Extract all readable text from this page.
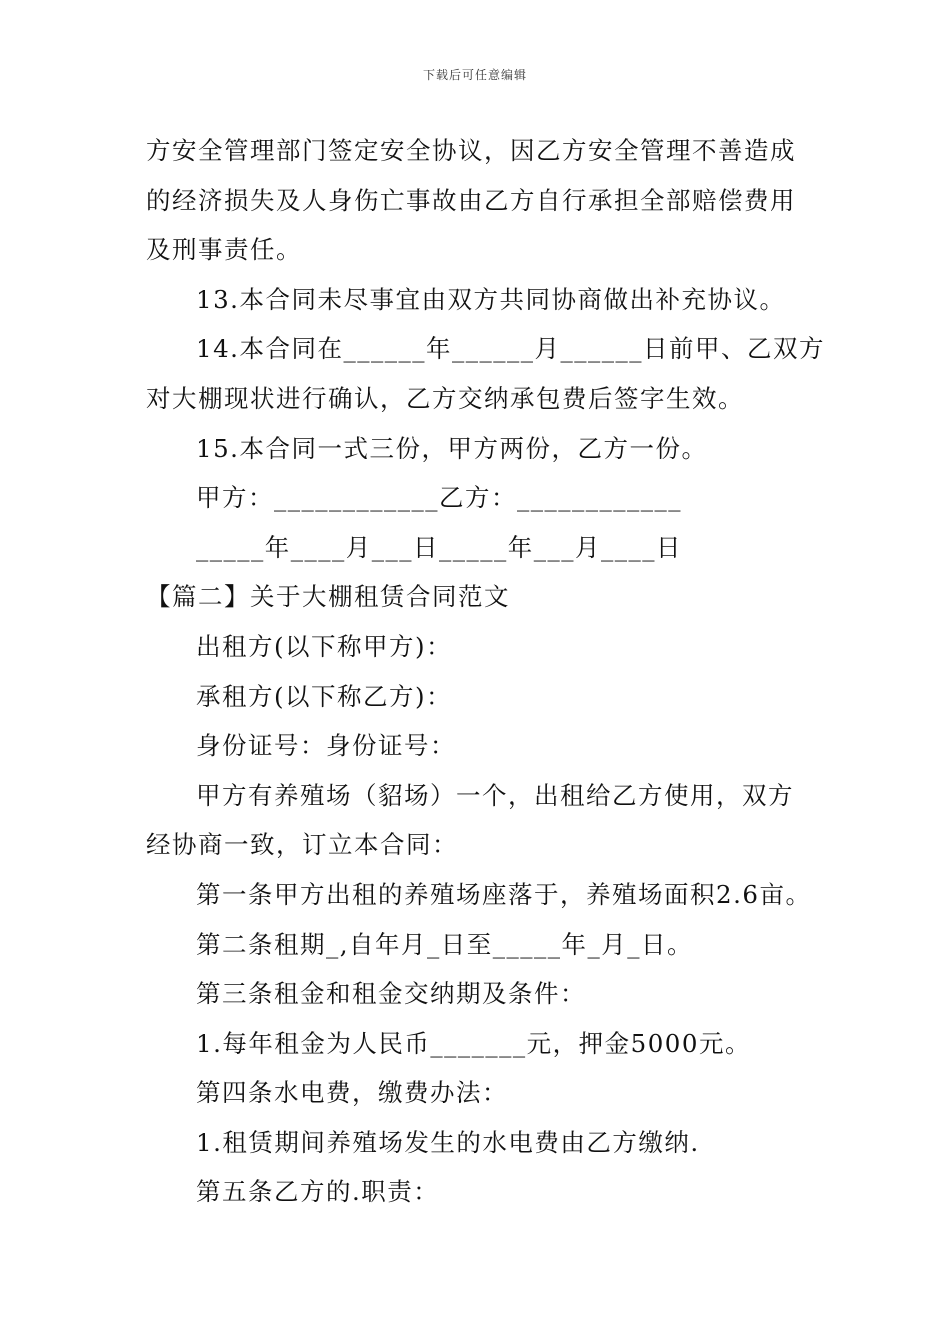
下载后可任意编辑
方安全管理部门签定安全协议，因乙方安全管理不善造成
的经济损失及人身伤亡事故由乙方自行承担全部赔偿费用
及刑事责任。
13.本合同未尽事宜由双方共同协商做出补充协议。
14.本合同在______年______月______日前甲、乙双方
对大棚现状进行确认，乙方交纳承包费后签字生效。
15.本合同一式三份，甲方两份，乙方一份。
甲方：____________乙方：____________
_____年____月___日_____年___月____日
【篇二】关于大棚租赁合同范文
出租方(以下称甲方)：
承租方(以下称乙方)：
身份证号：身份证号：
甲方有养殖场（貂场）一个，出租给乙方使用，双方
经协商一致，订立本合同：
第一条甲方出租的养殖场座落于，养殖场面积2.6亩。
第二条租期_,自年月_日至_____年_月_日。
第三条租金和租金交纳期及条件：
1.每年租金为人民币_______元，押金5000元。
第四条水电费，缴费办法：
1.租赁期间养殖场发生的水电费由乙方缴纳.
第五条乙方的.职责：
